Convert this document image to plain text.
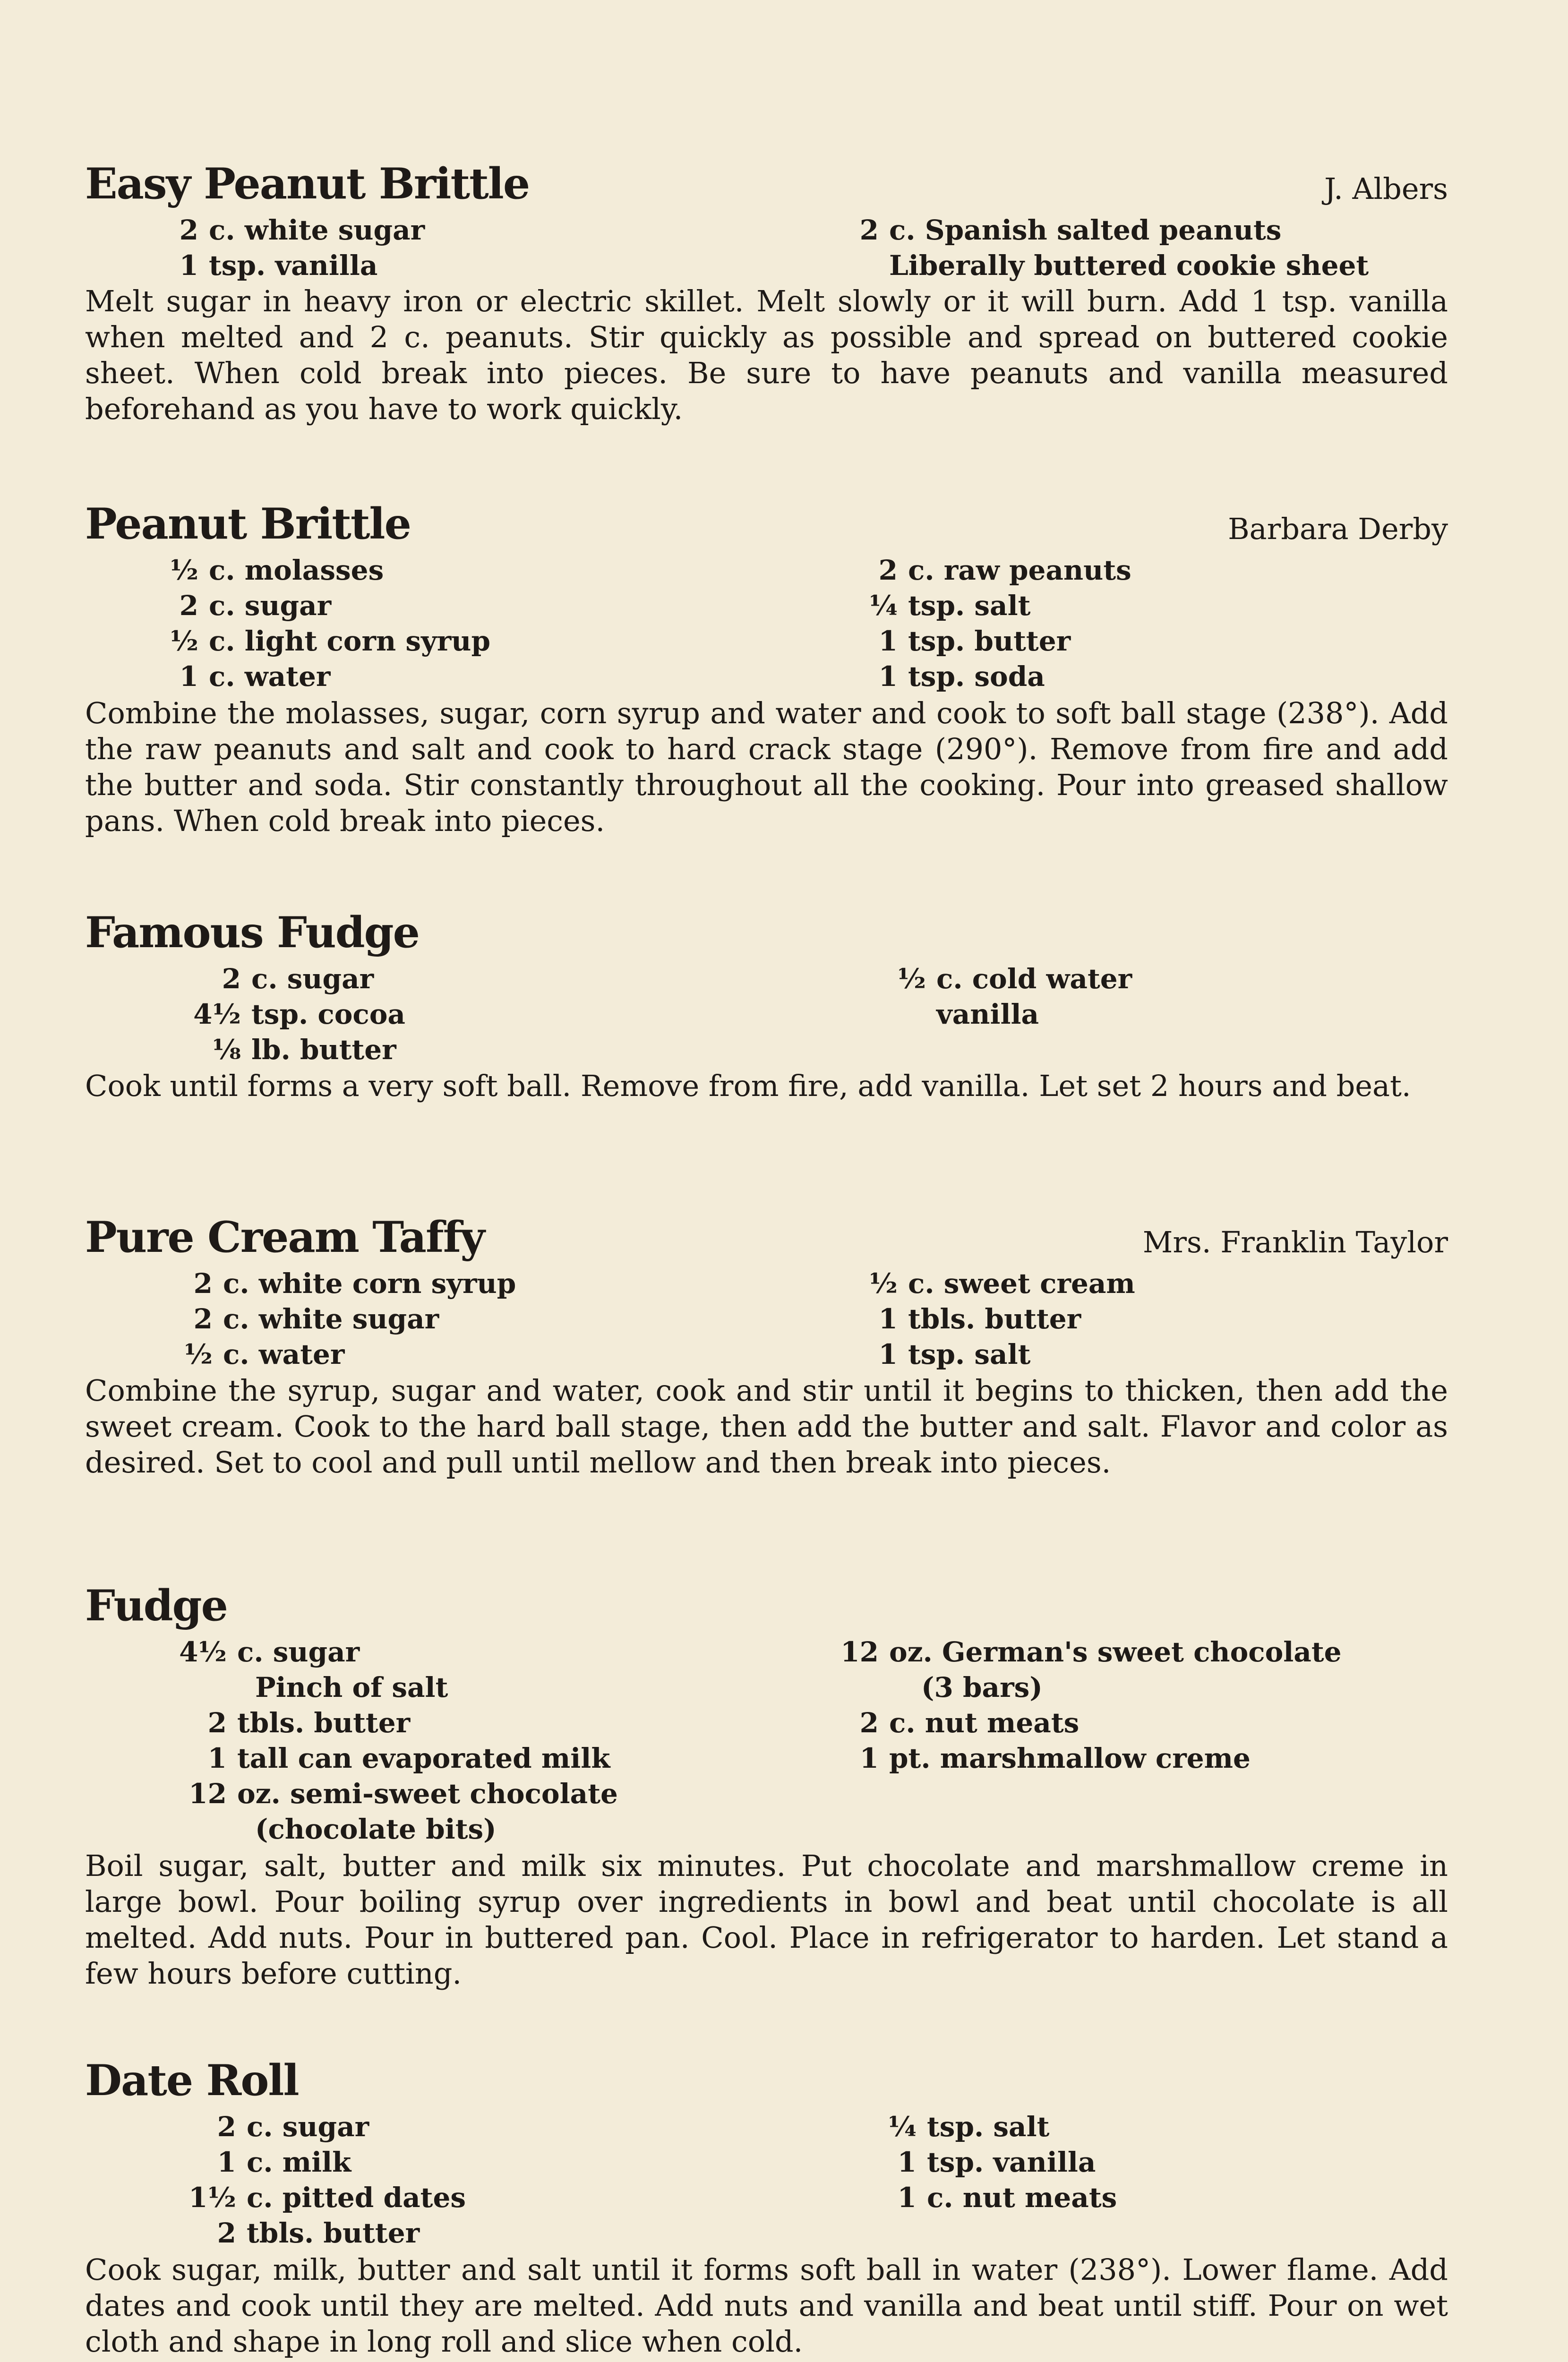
Easy Peanut Brittle	J. Albers
2 c. white sugar
1 tsp. vanilla
2 c. Spanish salted peanuts
Liberally buttered cookie sheet

Melt sugar in heavy iron or electric skillet. Melt slowly or it will burn. Add 1 tsp. vanilla when melted and 2 c. peanuts. Stir quickly as possible and spread on buttered cookie sheet. When cold break into pieces. Be sure to have peanuts and vanilla measured beforehand as you have to work quickly.

Peanut Brittle	Barbara Derby
½ c. molasses
2 c. sugar
½ c. light corn syrup
1 c. water
2 c. raw peanuts
¼ tsp. salt
1 tsp. butter
1 tsp. soda

Combine the molasses, sugar, corn syrup and water and cook to soft ball stage (238°). Add the raw peanuts and salt and cook to hard crack stage (290°). Remove from fire and add the butter and soda. Stir constantly throughout all the cooking. Pour into greased shallow pans. When cold break into pieces.

Famous Fudge
2 c. sugar
4½ tsp. cocoa
⅛ lb. butter
½ c. cold water
vanilla

Cook until forms a very soft ball. Remove from fire, add vanilla. Let set 2 hours and beat.

Pure Cream Taffy	Mrs. Franklin Taylor
2 c. white corn syrup
2 c. white sugar
½ c. water
½ c. sweet cream
1 tbls. butter
1 tsp. salt

Combine the syrup, sugar and water, cook and stir until it begins to thicken, then add the sweet cream. Cook to the hard ball stage, then add the butter and salt. Flavor and color as desired. Set to cool and pull until mellow and then break into pieces.

Fudge
4½ c. sugar
Pinch of salt
2 tbls. butter
1 tall can evaporated milk
12 oz. semi-sweet chocolate
(chocolate bits)
12 oz. German's sweet chocolate
(3 bars)
2 c. nut meats
1 pt. marshmallow creme

Boil sugar, salt, butter and milk six minutes. Put chocolate and marshmallow creme in large bowl. Pour boiling syrup over ingredients in bowl and beat until chocolate is all melted. Add nuts. Pour in buttered pan. Cool. Place in refrigerator to harden. Let stand a few hours before cutting.

Date Roll
2 c. sugar
1 c. milk
1½ c. pitted dates
2 tbls. butter
¼ tsp. salt
1 tsp. vanilla
1 c. nut meats

Cook sugar, milk, butter and salt until it forms soft ball in water (238°). Lower flame. Add dates and cook until they are melted. Add nuts and vanilla and beat until stiff. Pour on wet cloth and shape in long roll and slice when cold.
